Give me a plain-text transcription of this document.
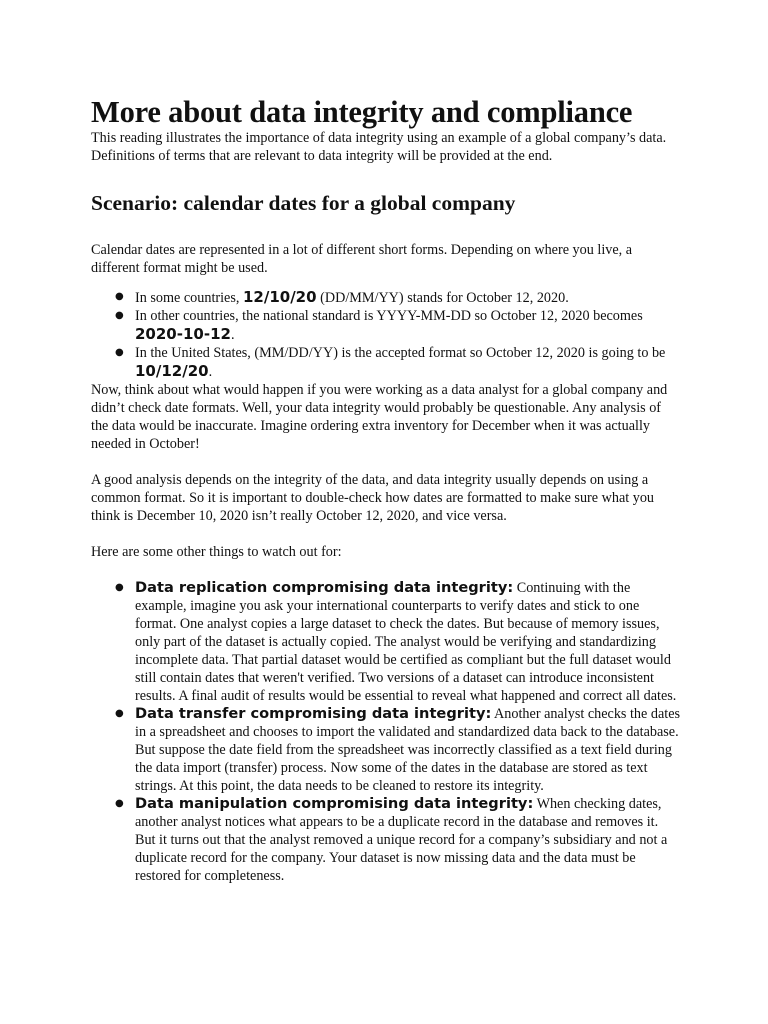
More about data integrity and compliance

This reading illustrates the importance of data integrity using an example of a global company’s data. Definitions of terms that are relevant to data integrity will be provided at the end.

Scenario: calendar dates for a global company

Calendar dates are represented in a lot of different short forms. Depending on where you live, a different format might be used.

● In some countries, 12/10/20 (DD/MM/YY) stands for October 12, 2020.
● In other countries, the national standard is YYYY-MM-DD so October 12, 2020 becomes 2020-10-12.
● In the United States, (MM/DD/YY) is the accepted format so October 12, 2020 is going to be 10/12/20.

Now, think about what would happen if you were working as a data analyst for a global company and didn’t check date formats. Well, your data integrity would probably be questionable. Any analysis of the data would be inaccurate. Imagine ordering extra inventory for December when it was actually needed in October!

A good analysis depends on the integrity of the data, and data integrity usually depends on using a common format. So it is important to double-check how dates are formatted to make sure what you think is December 10, 2020 isn’t really October 12, 2020, and vice versa.

Here are some other things to watch out for:

● Data replication compromising data integrity: Continuing with the example, imagine you ask your international counterparts to verify dates and stick to one format. One analyst copies a large dataset to check the dates. But because of memory issues, only part of the dataset is actually copied. The analyst would be verifying and standardizing incomplete data. That partial dataset would be certified as compliant but the full dataset would still contain dates that weren't verified. Two versions of a dataset can introduce inconsistent results. A final audit of results would be essential to reveal what happened and correct all dates.
● Data transfer compromising data integrity: Another analyst checks the dates in a spreadsheet and chooses to import the validated and standardized data back to the database. But suppose the date field from the spreadsheet was incorrectly classified as a text field during the data import (transfer) process. Now some of the dates in the database are stored as text strings. At this point, the data needs to be cleaned to restore its integrity.
● Data manipulation compromising data integrity: When checking dates, another analyst notices what appears to be a duplicate record in the database and removes it. But it turns out that the analyst removed a unique record for a company’s subsidiary and not a duplicate record for the company. Your dataset is now missing data and the data must be restored for completeness.
